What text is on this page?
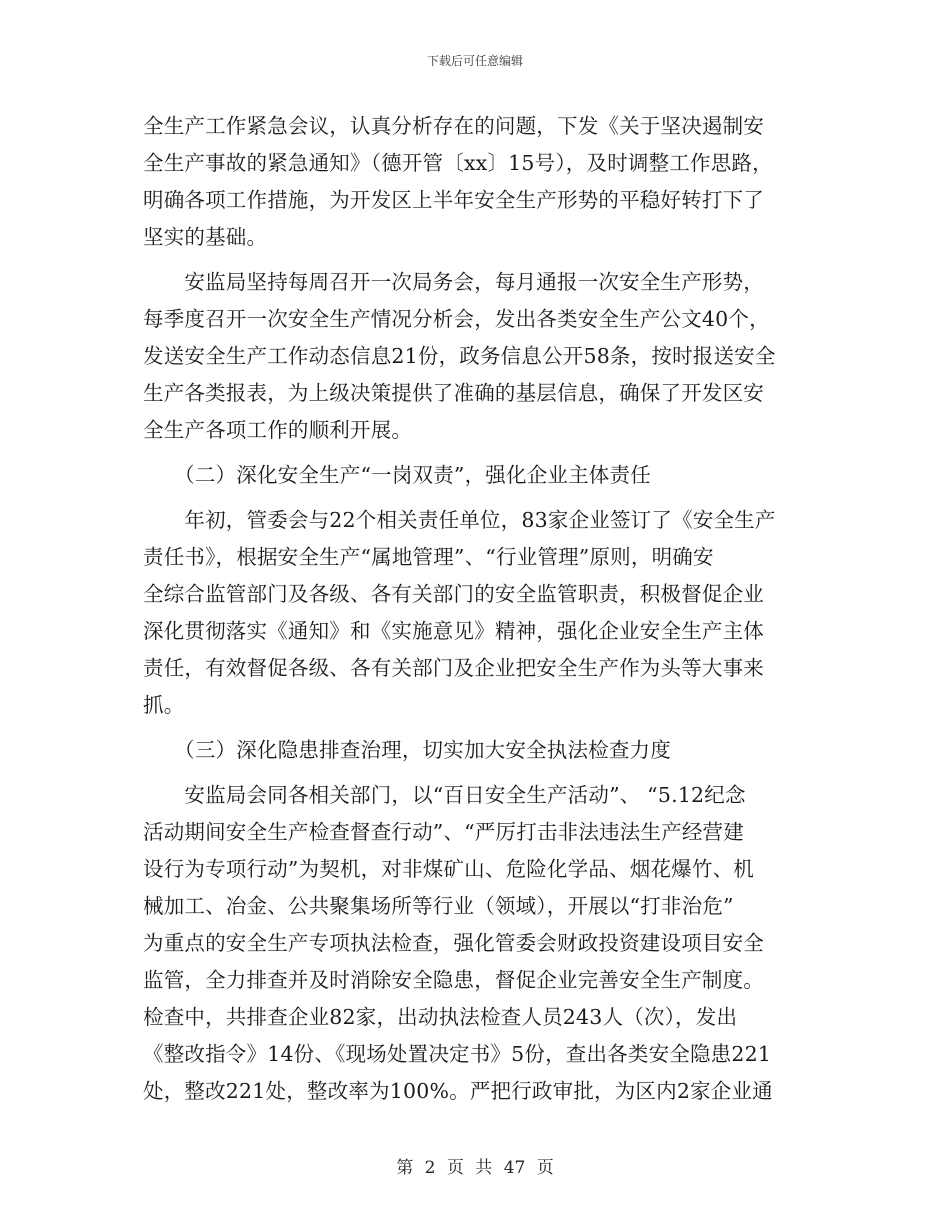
下载后可任意编辑
全生产工作紧急会议，认真分析存在的问题，下发《关于坚决遏制安
全生产事故的紧急通知》（德开管〔xx〕15号），及时调整工作思路，
明确各项工作措施，为开发区上半年安全生产形势的平稳好转打下了
坚实的基础。
　　安监局坚持每周召开一次局务会，每月通报一次安全生产形势，
每季度召开一次安全生产情况分析会，发出各类安全生产公文40个，
发送安全生产工作动态信息21份，政务信息公开58条，按时报送安全
生产各类报表，为上级决策提供了准确的基层信息，确保了开发区安
全生产各项工作的顺利开展。
　　（二）深化安全生产“一岗双责”，强化企业主体责任
　　年初，管委会与22个相关责任单位，83家企业签订了《安全生产
责任书》，根据安全生产“属地管理”、“行业管理”原则，明确安
全综合监管部门及各级、各有关部门的安全监管职责，积极督促企业
深化贯彻落实《通知》和《实施意见》精神，强化企业安全生产主体
责任，有效督促各级、各有关部门及企业把安全生产作为头等大事来
抓。
　　（三）深化隐患排查治理，切实加大安全执法检查力度
　　安监局会同各相关部门，以“百日安全生产活动”、 “5.12纪念
活动期间安全生产检查督查行动”、“严厉打击非法违法生产经营建
设行为专项行动”为契机，对非煤矿山、危险化学品、烟花爆竹、机
械加工、冶金、公共聚集场所等行业（领域），开展以“打非治危”
为重点的安全生产专项执法检查，强化管委会财政投资建设项目安全
监管，全力排查并及时消除安全隐患，督促企业完善安全生产制度。
检查中，共排查企业82家，出动执法检查人员243人（次），发出
《整改指令》14份、《现场处置决定书》5份，查出各类安全隐患221
处，整改221处，整改率为100%。严把行政审批，为区内2家企业通
第 2 页 共 47 页
